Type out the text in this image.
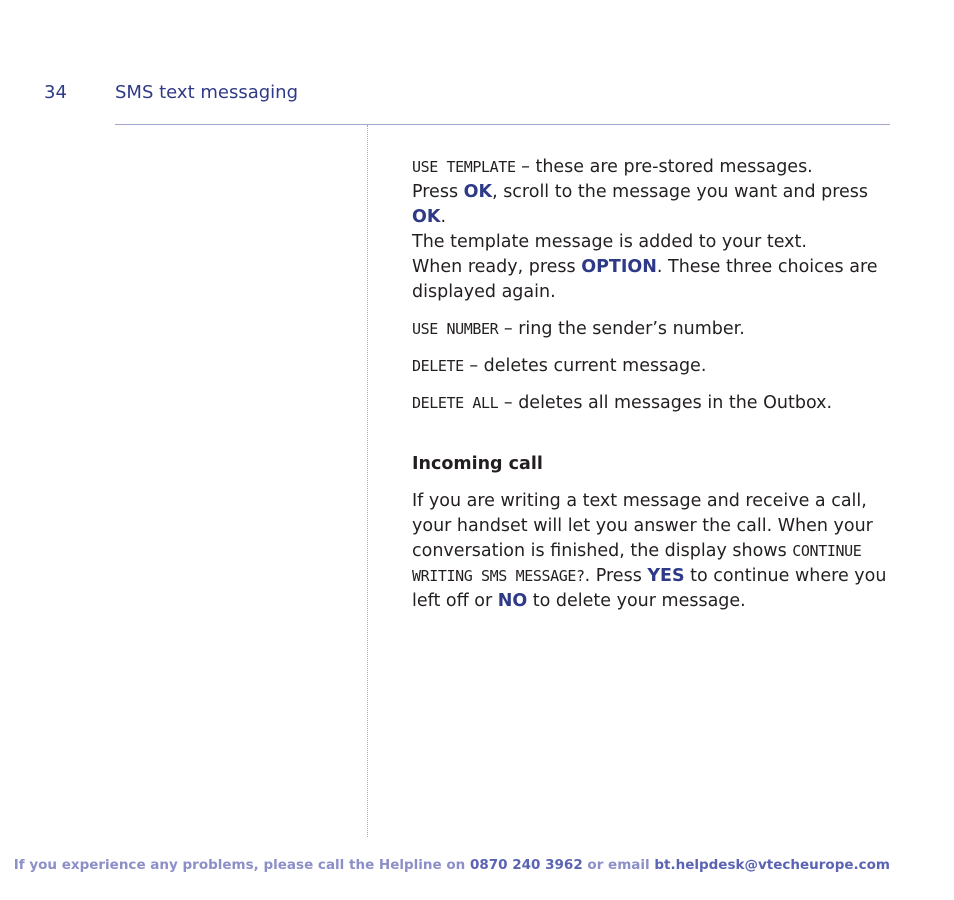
34	SMS text messaging

USE TEMPLATE – these are pre-stored messages.
Press OK, scroll to the message you want and press OK.
The template message is added to your text.
When ready, press OPTION. These three choices are displayed again.

USE NUMBER – ring the sender’s number.

DELETE – deletes current message.

DELETE ALL – deletes all messages in the Outbox.

Incoming call

If you are writing a text message and receive a call, your handset will let you answer the call. When your conversation is finished, the display shows CONTINUE WRITING SMS MESSAGE?. Press YES to continue where you left off or NO to delete your message.

If you experience any problems, please call the Helpline on 0870 240 3962 or email bt.helpdesk@vtecheurope.com
